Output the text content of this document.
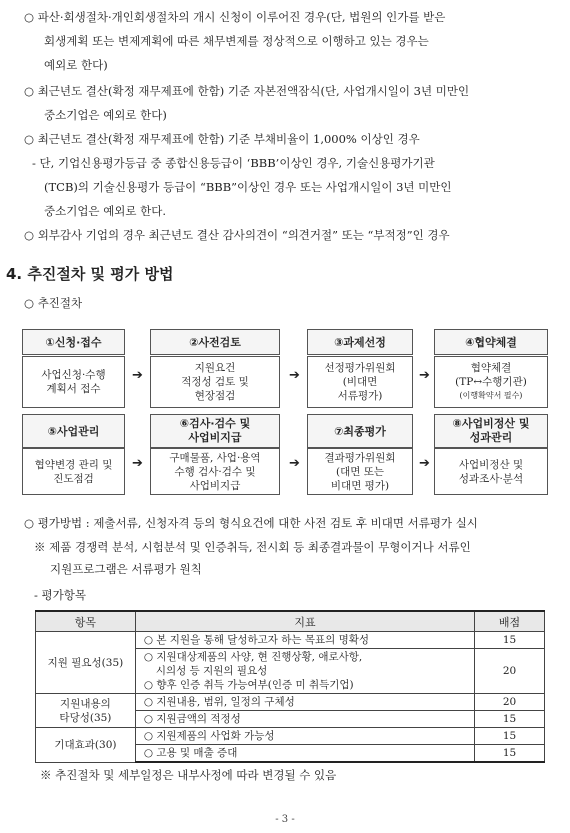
○ 파산·회생절차·개인회생절차의 개시 신청이 이루어진 경우(단, 법원의 인가를 받은
회생계획 또는 변제계획에 따른 채무변제를 정상적으로 이행하고 있는 경우는
예외로 한다)
○ 최근년도 결산(확정 재무제표에 한함) 기준 자본전액잠식(단, 사업개시일이 3년 미만인
중소기업은 예외로 한다)
○ 최근년도 결산(확정 재무제표에 한함) 기준 부채비율이 1,000% 이상인 경우
- 단, 기업신용평가등급 중 종합신용등급이 ‘BBB’이상인 경우, 기술신용평가기관
(TCB)의 기술신용평가 등급이 “BBB”이상인 경우 또는 사업개시일이 3년 미만인
중소기업은 예외로 한다.
○ 외부감사 기업의 경우 최근년도 결산 감사의견이 “의견거절” 또는 “부적정”인 경우
4. 추진절차 및 평가 방법
○ 추진절차
①신청·접수
사업신청·수행
계획서 접수
➔
②사전검토
지원요건
적정성 검토 및
현장점검
➔
③과제선정
선정평가위원회
(비대면
서류평가)
➔
④협약체결
협약체결
(TP↔수행기관)
(이행확약서 필수)
⑤사업관리
협약변경 관리 및
진도점검
➔
⑥검사·검수 및
사업비지급
구매물품, 사업·용역
수행 검사·검수 및
사업비지급
➔
⑦최종평가
결과평가위원회
(대면 또는
비대면 평가)
➔
⑧사업비정산 및
성과관리
사업비정산 및
성과조사·분석
○ 평가방법 : 제출서류, 신청자격 등의 형식요건에 대한 사전 검토 후 비대면 서류평가 실시
※ 제품 경쟁력 분석, 시험분석 및 인증취득, 전시회 등 최종결과물이 무형이거나 서류인
지원프로그램은 서류평가 원칙
- 평가항목
항목	지표	배점
지원 필요성(35)	○ 본 지원을 통해 달성하고자 하는 목표의 명확성	15

	○ 지원대상제품의 사양, 현 진행상황, 애로사항,
시의성 등 지원의 필요성
○ 향후 인증 취득 가능여부(인증 미 취득기업)	20

지원내용의
타당성(35)	○ 지원내용, 범위, 일정의 구체성	20
	○ 지원금액의 적정성	15
기대효과(30)	○ 지원제품의 사업화 가능성	15
	○ 고용 및 매출 증대	15
※ 추진절차 및 세부일정은 내부사정에 따라 변경될 수 있음
- 3 -
